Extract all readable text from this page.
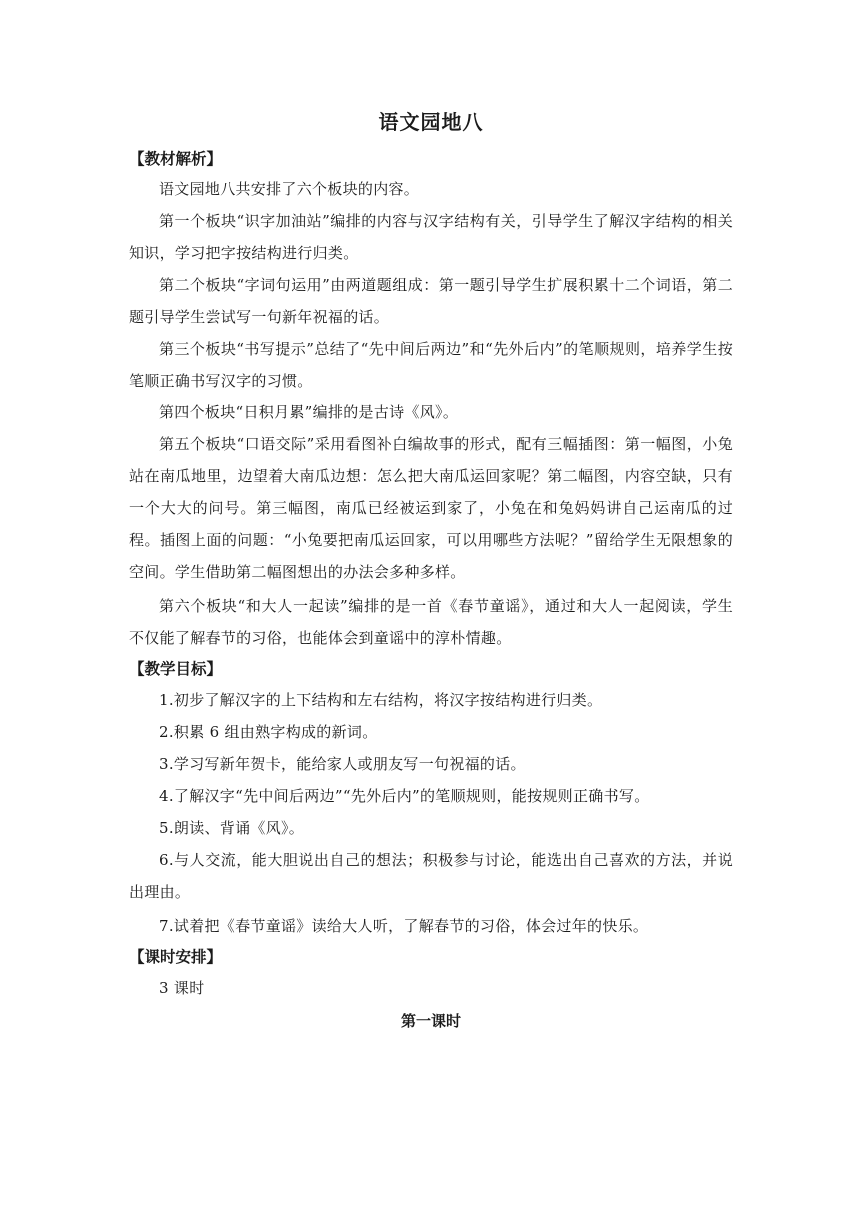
语文园地八
【教材解析】

语文园地八共安排了六个板块的内容。

第一个板块“识字加油站”编排的内容与汉字结构有关，引导学生了解汉字结构的相关知识，学习把字按结构进行归类。

第二个板块“字词句运用”由两道题组成：第一题引导学生扩展积累十二个词语，第二题引导学生尝试写一句新年祝福的话。

第三个板块“书写提示”总结了“先中间后两边”和“先外后内”的笔顺规则，培养学生按笔顺正确书写汉字的习惯。

第四个板块“日积月累”编排的是古诗《风》。

第五个板块“口语交际”采用看图补白编故事的形式，配有三幅插图：第一幅图，小兔站在南瓜地里，边望着大南瓜边想：怎么把大南瓜运回家呢？第二幅图，内容空缺，只有一个大大的问号。第三幅图，南瓜已经被运到家了，小兔在和兔妈妈讲自己运南瓜的过程。插图上面的问题：“小兔要把南瓜运回家，可以用哪些方法呢？”留给学生无限想象的空间。学生借助第二幅图想出的办法会多种多样。

第六个板块“和大人一起读”编排的是一首《春节童谣》，通过和大人一起阅读，学生不仅能了解春节的习俗，也能体会到童谣中的淳朴情趣。

【教学目标】

1.初步了解汉字的上下结构和左右结构，将汉字按结构进行归类。

2.积累 6 组由熟字构成的新词。

3.学习写新年贺卡，能给家人或朋友写一句祝福的话。

4.了解汉字“先中间后两边”“先外后内”的笔顺规则，能按规则正确书写。

5.朗读、背诵《风》。

6.与人交流，能大胆说出自己的想法；积极参与讨论，能选出自己喜欢的方法，并说出理由。

7.试着把《春节童谣》读给大人听，了解春节的习俗，体会过年的快乐。

【课时安排】

3 课时

第一课时
